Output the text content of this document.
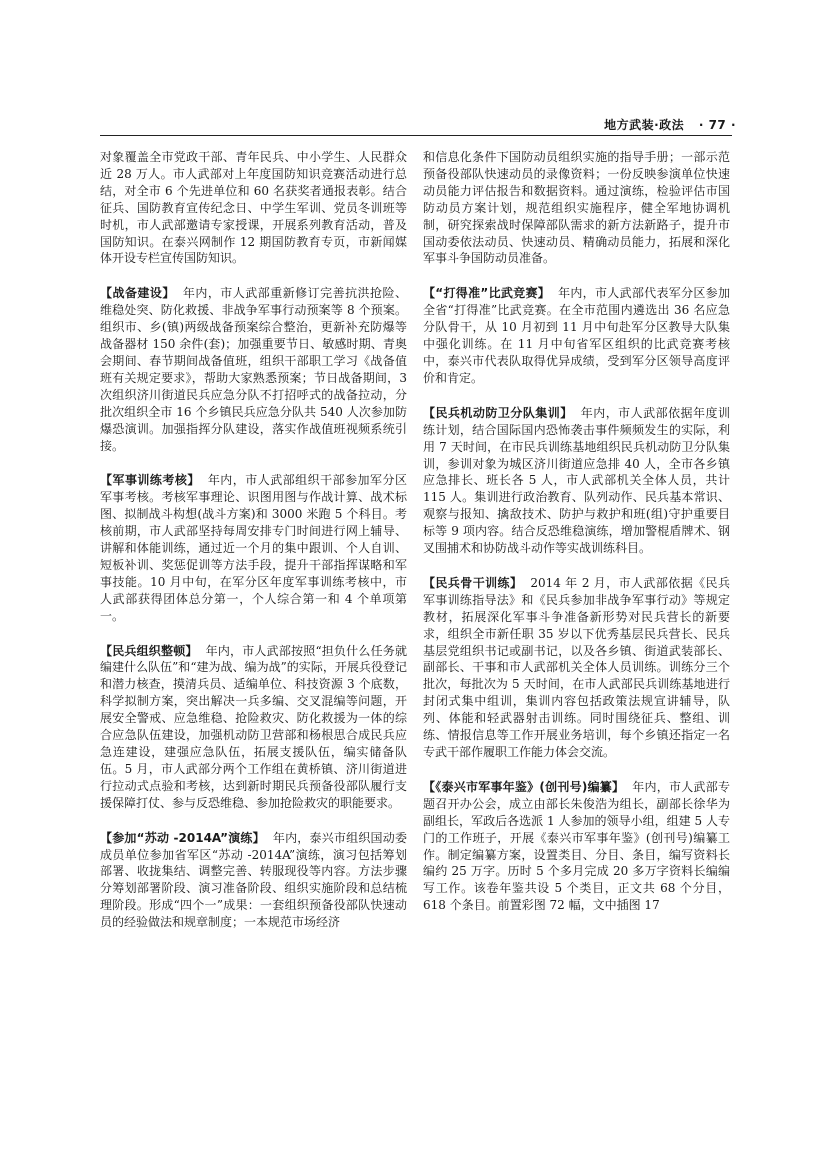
地方武装·政法 · 77 ·

对象覆盖全市党政干部、青年民兵、中小学生、人民群众近 28 万人。市人武部对上年度国防知识竞赛活动进行总结，对全市 6 个先进单位和 60 名获奖者通报表彰。结合征兵、国防教育宣传纪念日、中学生军训、党员冬训班等时机，市人武部邀请专家授课，开展系列教育活动，普及国防知识。在泰兴网制作 12 期国防教育专页，市新闻媒体开设专栏宣传国防知识。

【战备建设】 年内，市人武部重新修订完善抗洪抢险、维稳处突、防化救援、非战争军事行动预案等 8 个预案。组织市、乡(镇)两级战备预案综合整治，更新补充防爆等战备器材 150 余件(套)；加强重要节日、敏感时期、青奥会期间、春节期间战备值班，组织干部职工学习《战备值班有关规定要求》，帮助大家熟悉预案；节日战备期间，3 次组织济川街道民兵应急分队不打招呼式的战备拉动，分批次组织全市 16 个乡镇民兵应急分队共 540 人次参加防爆恐演训。加强指挥分队建设，落实作战值班视频系统引接。

【军事训练考核】 年内，市人武部组织干部参加军分区军事考核。考核军事理论、识图用图与作战计算、战术标图、拟制战斗构想(战斗方案)和 3000 米跑 5 个科目。考核前期，市人武部坚持每周安排专门时间进行网上辅导、讲解和体能训练，通过近一个月的集中跟训、个人自训、短板补训、奖惩促训等方法手段，提升干部指挥谋略和军事技能。10 月中旬，在军分区年度军事训练考核中，市人武部获得团体总分第一，个人综合第一和 4 个单项第一。

【民兵组织整顿】 年内，市人武部按照“担负什么任务就编建什么队伍”和“建为战、编为战”的实际，开展兵役登记和潜力核查，摸清兵员、适编单位、科技资源 3 个底数，科学拟制方案，突出解决一兵多编、交叉混编等问题，开展安全警戒、应急维稳、抢险救灾、防化救援为一体的综合应急队伍建设，加强机动防卫营部和杨根思合成民兵应急连建设，建强应急队伍，拓展支援队伍，编实储备队伍。5 月，市人武部分两个工作组在黄桥镇、济川街道进行拉动式点验和考核，达到新时期民兵预备役部队履行支援保障打仗、参与反恐维稳、参加抢险救灾的职能要求。

【参加“苏动 -2014A”演练】 年内，泰兴市组织国动委成员单位参加省军区“苏动 -2014A”演练，演习包括筹划部署、收拢集结、调整完善、转服现役等内容。方法步骤分筹划部署阶段、演习准备阶段、组织实施阶段和总结梳理阶段。形成“四个一”成果：一套组织预备役部队快速动员的经验做法和规章制度；一本规范市场经济

和信息化条件下国防动员组织实施的指导手册；一部示范预备役部队快速动员的录像资料；一份反映参演单位快速动员能力评估报告和数据资料。通过演练，检验评估市国防动员方案计划，规范组织实施程序，健全军地协调机制，研究探索战时保障部队需求的新方法新路子，提升市国动委依法动员、快速动员、精确动员能力，拓展和深化军事斗争国防动员准备。

【“打得准”比武竞赛】 年内，市人武部代表军分区参加全省“打得准”比武竞赛。在全市范围内遴选出 36 名应急分队骨干，从 10 月初到 11 月中旬赴军分区教导大队集中强化训练。在 11 月中旬省军区组织的比武竞赛考核中，泰兴市代表队取得优异成绩，受到军分区领导高度评价和肯定。

【民兵机动防卫分队集训】 年内，市人武部依据年度训练计划，结合国际国内恐怖袭击事件频频发生的实际，利用 7 天时间，在市民兵训练基地组织民兵机动防卫分队集训，参训对象为城区济川街道应急排 40 人，全市各乡镇应急排长、班长各 5 人，市人武部机关全体人员，共计 115 人。集训进行政治教育、队列动作、民兵基本常识、观察与报知、擒敌技术、防护与救护和班(组)守护重要目标等 9 项内容。结合反恐维稳演练，增加警棍盾牌术、钢叉围捕术和协防战斗动作等实战训练科目。

【民兵骨干训练】 2014 年 2 月，市人武部依据《民兵军事训练指导法》和《民兵参加非战争军事行动》等规定教材，拓展深化军事斗争准备新形势对民兵营长的新要求，组织全市新任职 35 岁以下优秀基层民兵营长、民兵基层党组织书记或副书记，以及各乡镇、街道武装部长、副部长、干事和市人武部机关全体人员训练。训练分三个批次，每批次为 5 天时间，在市人武部民兵训练基地进行封闭式集中组训，集训内容包括政策法规宣讲辅导，队列、体能和轻武器射击训练。同时围绕征兵、整组、训练、情报信息等工作开展业务培训，每个乡镇还指定一名专武干部作履职工作能力体会交流。

【《泰兴市军事年鉴》(创刊号)编纂】 年内，市人武部专题召开办公会，成立由部长朱俊浩为组长，副部长徐华为副组长，军政后各选派 1 人参加的领导小组，组建 5 人专门的工作班子，开展《泰兴市军事年鉴》(创刊号)编纂工作。制定编纂方案，设置类目、分目、条目，编写资料长编约 25 万字。历时 5 个多月完成 20 多万字资料长编编写工作。该卷年鉴共设 5 个类目，正文共 68 个分目，618 个条目。前置彩图 72 幅，文中插图 17
